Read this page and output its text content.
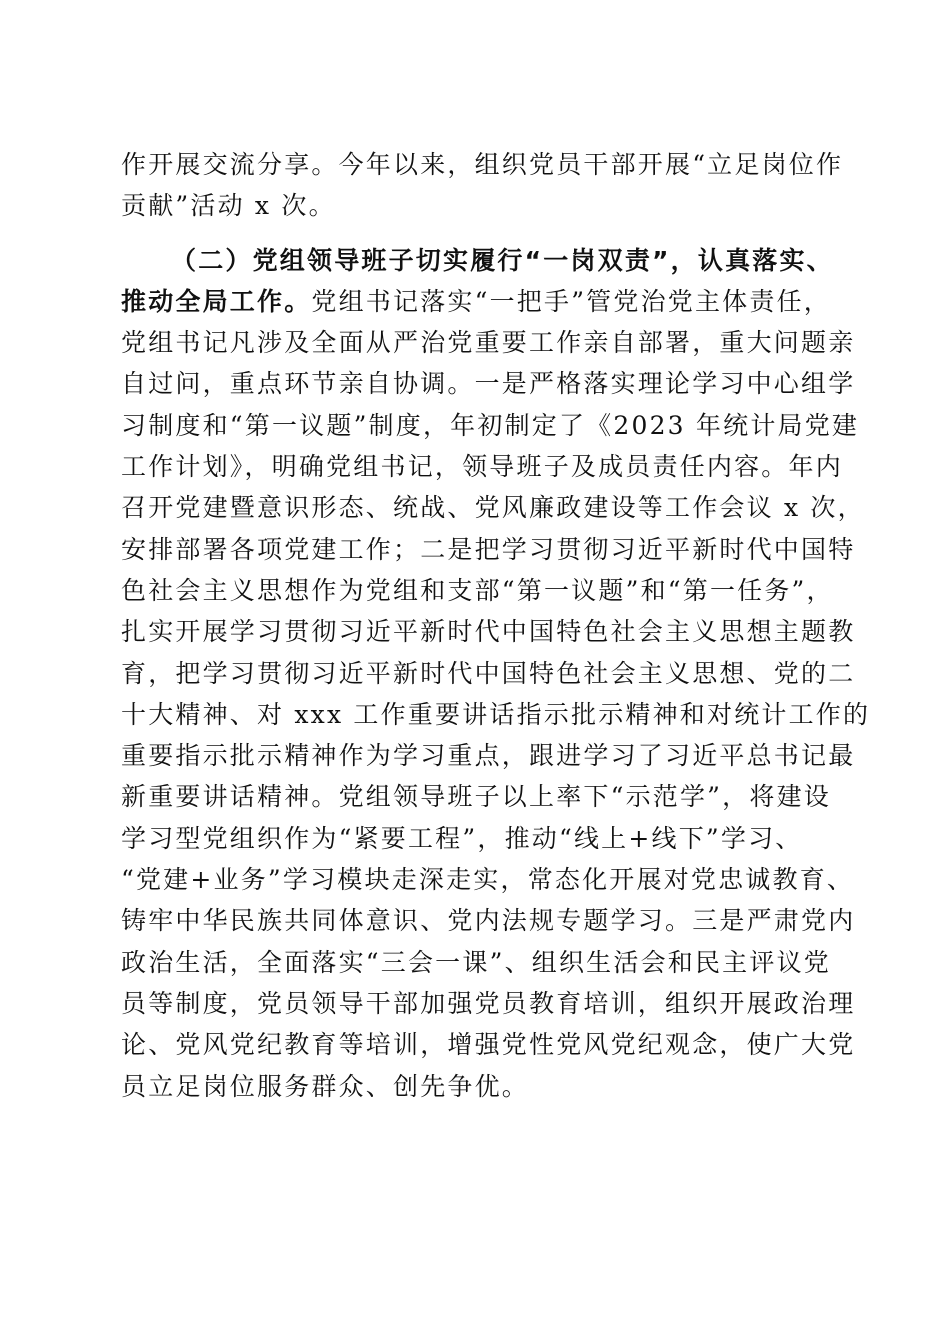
作开展交流分享。今年以来，组织党员干部开展“立足岗位作
贡献”活动 x 次。
（二）党组领导班子切实履行“一岗双责”，认真落实、
推动全局工作。党组书记落实“一把手”管党治党主体责任，
党组书记凡涉及全面从严治党重要工作亲自部署，重大问题亲
自过问，重点环节亲自协调。一是严格落实理论学习中心组学
习制度和“第一议题”制度，年初制定了《2023 年统计局党建
工作计划》，明确党组书记，领导班子及成员责任内容。年内
召开党建暨意识形态、统战、党风廉政建设等工作会议 x 次，
安排部署各项党建工作；二是把学习贯彻习近平新时代中国特
色社会主义思想作为党组和支部“第一议题”和“第一任务”，
扎实开展学习贯彻习近平新时代中国特色社会主义思想主题教
育，把学习贯彻习近平新时代中国特色社会主义思想、党的二
十大精神、对 xxx 工作重要讲话指示批示精神和对统计工作的
重要指示批示精神作为学习重点，跟进学习了习近平总书记最
新重要讲话精神。党组领导班子以上率下“示范学”，将建设
学习型党组织作为“紧要工程”，推动“线上+线下”学习、
“党建+业务”学习模块走深走实，常态化开展对党忠诚教育、
铸牢中华民族共同体意识、党内法规专题学习。三是严肃党内
政治生活，全面落实“三会一课”、组织生活会和民主评议党
员等制度，党员领导干部加强党员教育培训，组织开展政治理
论、党风党纪教育等培训，增强党性党风党纪观念，使广大党
员立足岗位服务群众、创先争优。
